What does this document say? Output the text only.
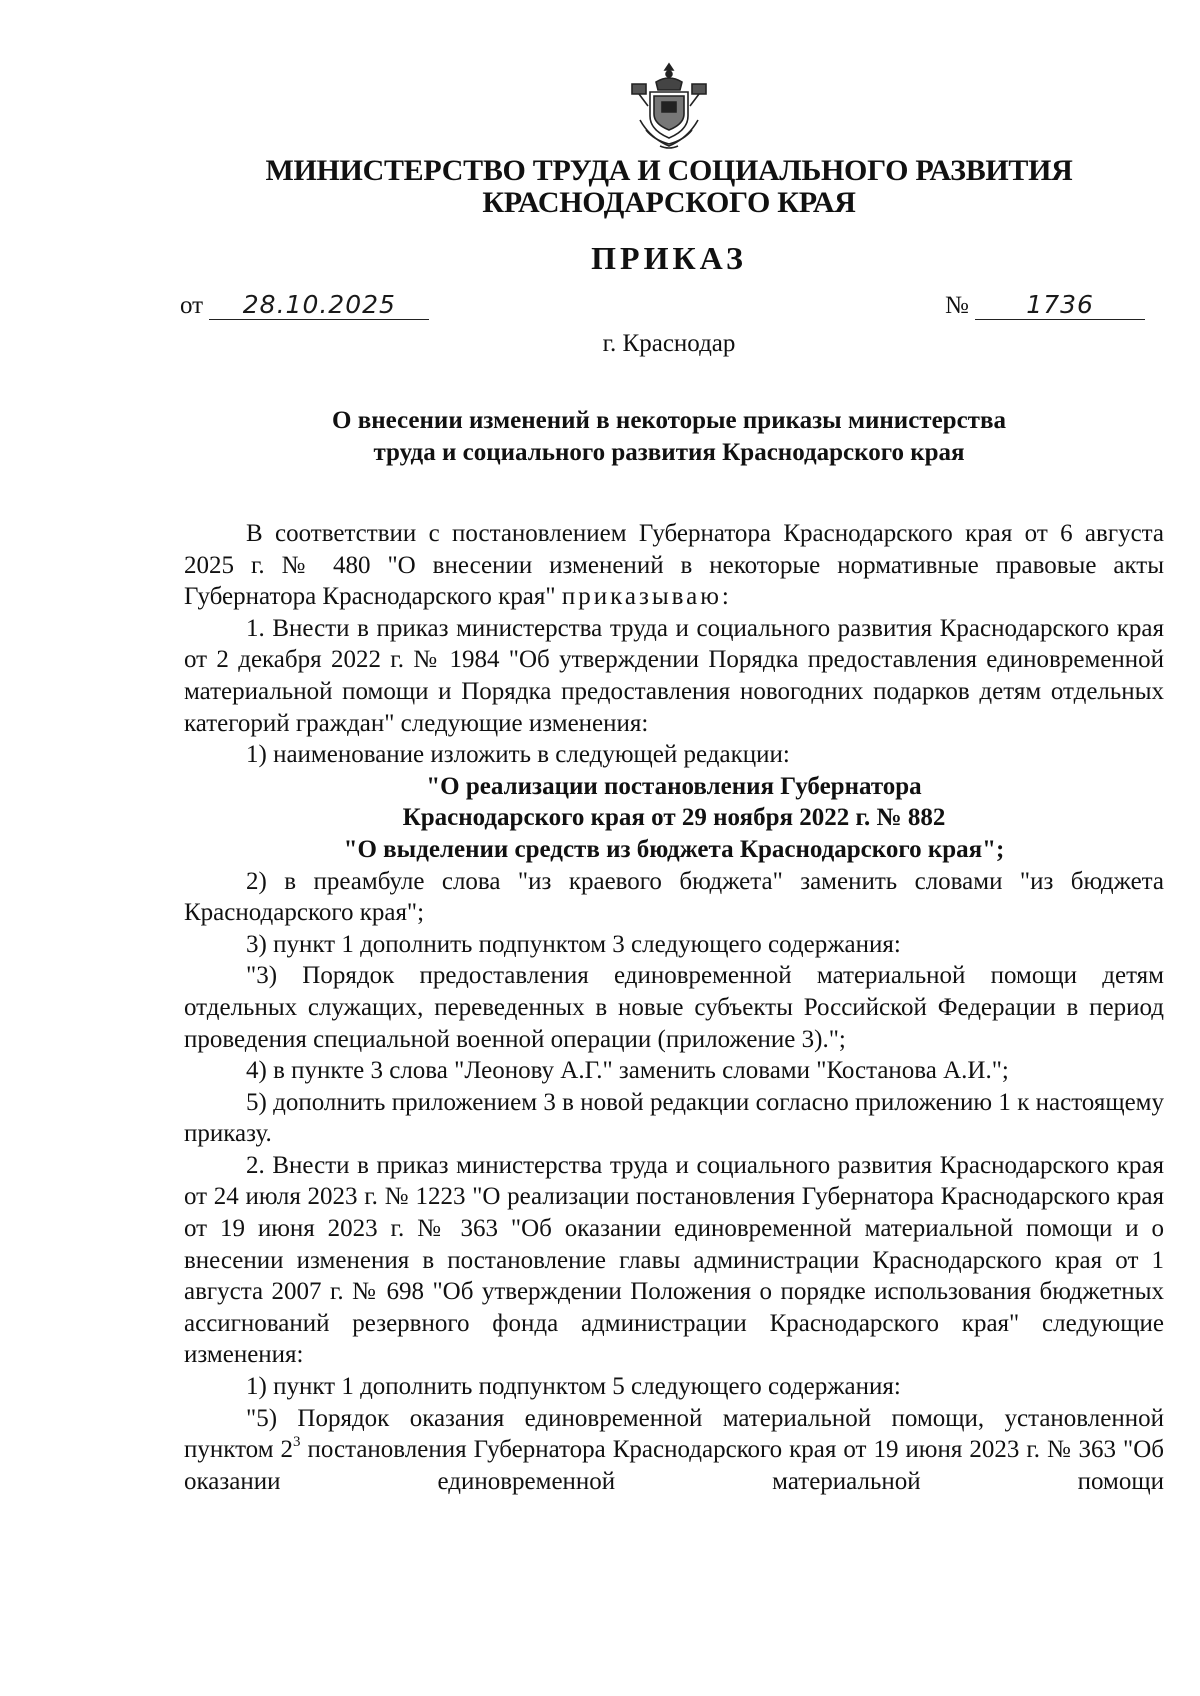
МИНИСТЕРСТВО ТРУДА И СОЦИАЛЬНОГО РАЗВИТИЯ
КРАСНОДАРСКОГО КРАЯ
ПРИКАЗ
от 28.10.2025	№ 1736
г. Краснодар
О внесении изменений в некоторые приказы министерства
труда и социального развития Краснодарского края

В соответствии с постановлением Губернатора Краснодарского края от 6 августа 2025 г. № 480 "О внесении изменений в некоторые нормативные правовые акты Губернатора Краснодарского края" приказываю:

1. Внести в приказ министерства труда и социального развития Краснодарского края от 2 декабря 2022 г. № 1984 "Об утверждении Порядка предоставления единовременной материальной помощи и Порядка предоставления новогодних подарков детям отдельных категорий граждан" следующие изменения:

1) наименование изложить в следующей редакции:

"О реализации постановления Губернатора
Краснодарского края от 29 ноября 2022 г. № 882
"О выделении средств из бюджета Краснодарского края";

2) в преамбуле слова "из краевого бюджета" заменить словами "из бюджета Краснодарского края";

3) пункт 1 дополнить подпунктом 3 следующего содержания:

"3) Порядок предоставления единовременной материальной помощи детям отдельных служащих, переведенных в новые субъекты Российской Федерации в период проведения специальной военной операции (приложение 3).";

4) в пункте 3 слова "Леонову А.Г." заменить словами "Костанова А.И.";

5) дополнить приложением 3 в новой редакции согласно приложению 1 к настоящему приказу.

2. Внести в приказ министерства труда и социального развития Краснодарского края от 24 июля 2023 г. № 1223 "О реализации постановления Губернатора Краснодарского края от 19 июня 2023 г. № 363 "Об оказании единовременной материальной помощи и о внесении изменения в постановление главы администрации Краснодарского края от 1 августа 2007 г. № 698 "Об утверждении Положения о порядке использования бюджетных ассигнований резервного фонда администрации Краснодарского края" следующие изменения:

1) пункт 1 дополнить подпунктом 5 следующего содержания:

"5) Порядок оказания единовременной материальной помощи, установленной пунктом $2^3$ постановления Губернатора Краснодарского края от 19 июня 2023 г. № 363 "Об оказании единовременной материальной помощи
